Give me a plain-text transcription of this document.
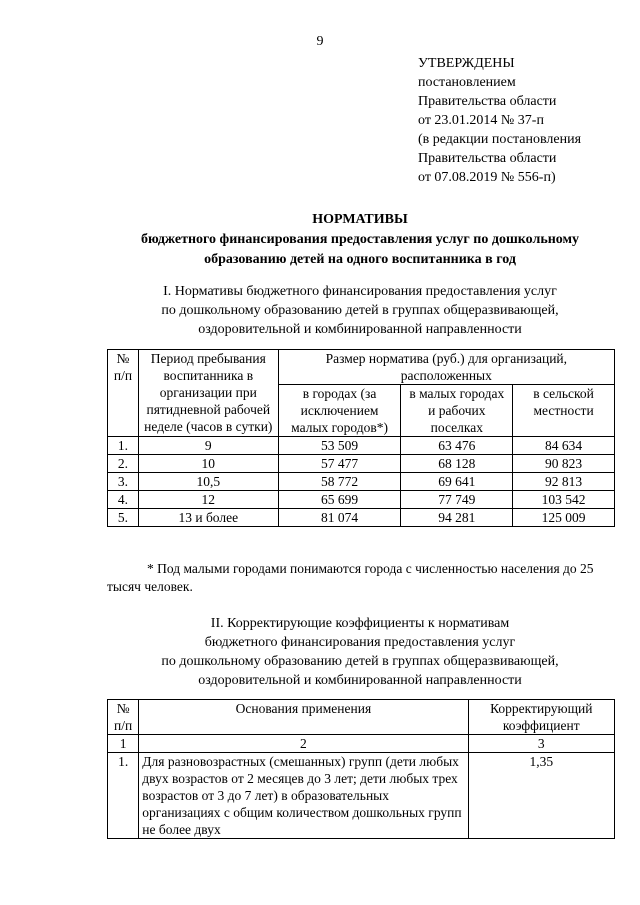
9
УТВЕРЖДЕНЫ
постановлением
Правительства области
от 23.01.2014 № 37-п
(в редакции постановления
Правительства области
от 07.08.2019 № 556-п)
НОРМАТИВЫ
бюджетного финансирования предоставления услуг по дошкольному
образованию детей на одного воспитанника в год
I. Нормативы бюджетного финансирования предоставления услуг
по дошкольному образованию детей в группах общеразвивающей,
оздоровительной и комбинированной направленности
№ п/п	Период пребывания воспитанника в организации при пятидневной рабочей неделе (часов в сутки)	Размер норматива (руб.) для организаций, расположенных		
		в городах (за исключением малых городов*)	в малых городах и рабочих поселках	в сельской местности
1.	9	53 509	63 476	84 634
2.	10	57 477	68 128	90 823
3.	10,5	58 772	69 641	92 813
4.	12	65 699	77 749	103 542
5.	13 и более	81 074	94 281	125 009
* Под малыми городами понимаются города с численностью населения до 25 тысяч человек.
II. Корректирующие коэффициенты к нормативам
бюджетного финансирования предоставления услуг
по дошкольному образованию детей в группах общеразвивающей,
оздоровительной и комбинированной направленности
№ п/п	Основания применения	Корректирующий коэффициент
1	2	3
1.	Для разновозрастных (смешанных) групп (дети любых двух возрастов от 2 месяцев до 3 лет; дети любых трех возрастов от 3 до 7 лет) в образовательных организациях с общим количеством дошкольных групп не более двух	1,35
